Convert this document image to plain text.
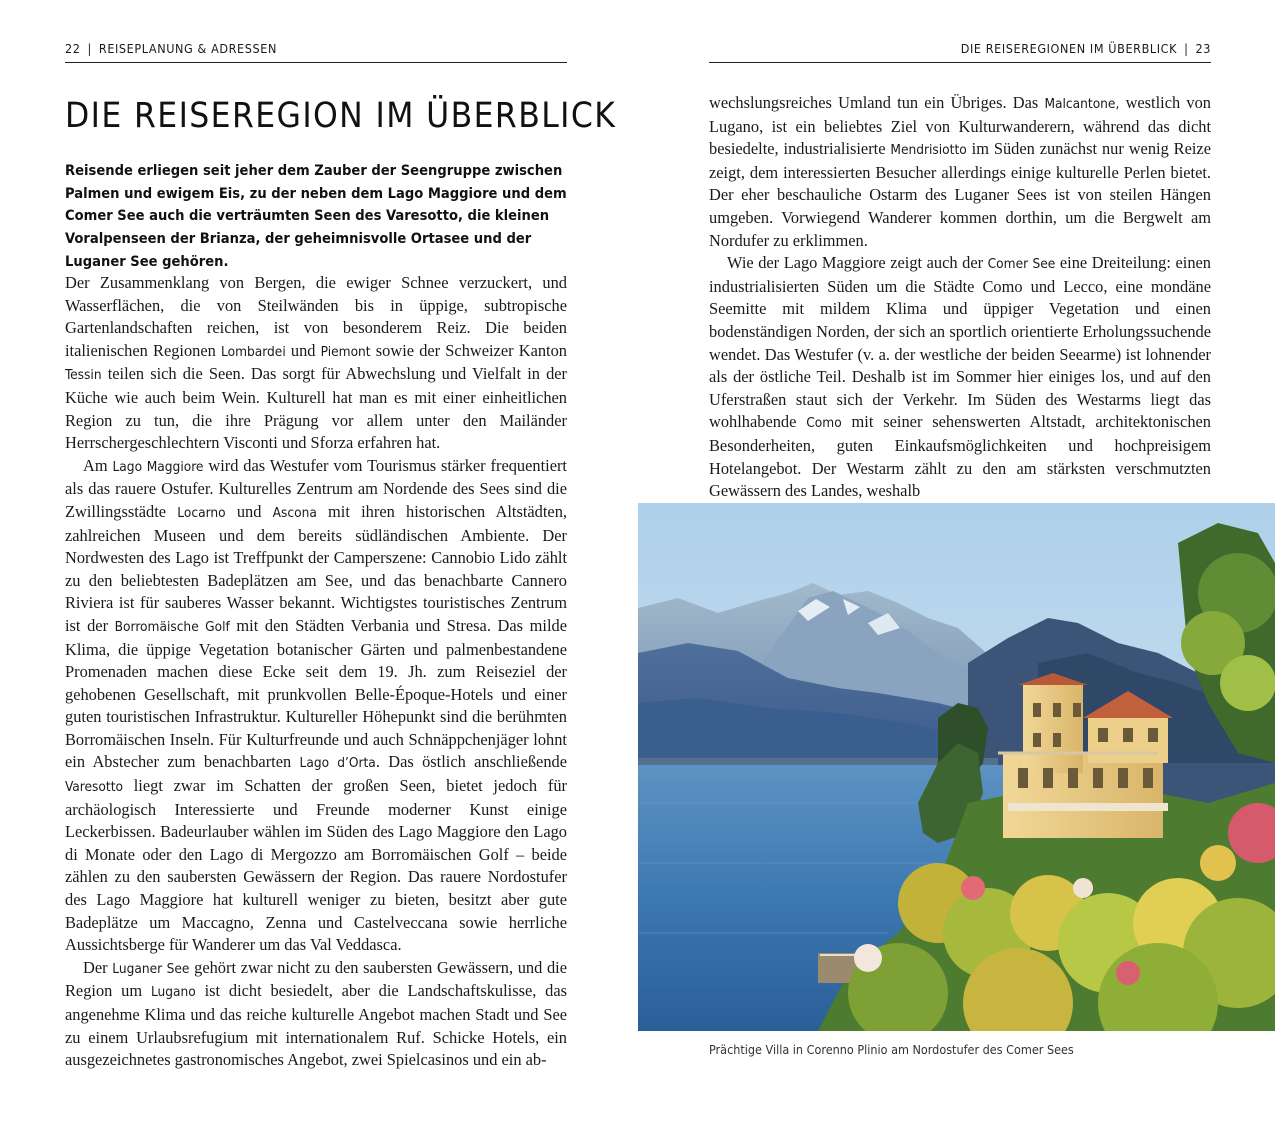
22 | REISEPLANUNG & ADRESSEN
DIE REISEREGION IM ÜBERBLICK

Reisende erliegen seit jeher dem Zauber der Seengruppe zwischen Palmen und ewigem Eis, zu der neben dem Lago Maggiore und dem Comer See auch die verträumten Seen des Varesotto, die kleinen Voralpenseen der Brianza, der geheimnisvolle Ortasee und der Luganer See gehören.

Der Zusammenklang von Bergen, die ewiger Schnee verzuckert, und Wasserflächen, die von Steilwänden bis in üppige, subtropische Gartenlandschaften reichen, ist von besonderem Reiz. Die beiden italienischen Regionen Lombardei und Piemont sowie der Schweizer Kanton Tessin teilen sich die Seen. Das sorgt für Abwechslung und Vielfalt in der Küche wie auch beim Wein. Kulturell hat man es mit einer einheitlichen Region zu tun, die ihre Prägung vor allem unter den Mailänder Herrschergeschlechtern Visconti und Sforza erfahren hat.

Am Lago Maggiore wird das Westufer vom Tourismus stärker frequentiert als das rauere Ostufer. Kulturelles Zentrum am Nordende des Sees sind die Zwillingsstädte Locarno und Ascona mit ihren historischen Altstädten, zahlreichen Museen und dem bereits südländischen Ambiente. Der Nordwesten des Lago ist Treffpunkt der Camperszene: Cannobio Lido zählt zu den beliebtesten Badeplätzen am See, und das benachbarte Cannero Riviera ist für sauberes Wasser bekannt. Wichtigstes touristisches Zentrum ist der Borromäische Golf mit den Städten Verbania und Stresa. Das milde Klima, die üppige Vegetation botanischer Gärten und palmenbestandene Promenaden machen diese Ecke seit dem 19. Jh. zum Reiseziel der gehobenen Gesellschaft, mit prunkvollen Belle-Époque-Hotels und einer guten touristischen Infrastruktur. Kultureller Höhepunkt sind die berühmten Borromäischen Inseln. Für Kulturfreunde und auch Schnäppchenjäger lohnt ein Abstecher zum benachbarten Lago d’Orta. Das östlich anschließende Varesotto liegt zwar im Schatten der großen Seen, bietet jedoch für archäologisch Interessierte und Freunde moderner Kunst einige Leckerbissen. Badeurlauber wählen im Süden des Lago Maggiore den Lago di Monate oder den Lago di Mergozzo am Borromäischen Golf – beide zählen zu den saubersten Gewässern der Region. Das rauere Nordostufer des Lago Maggiore hat kulturell weniger zu bieten, besitzt aber gute Badeplätze um Maccagno, Zenna und Castelveccana sowie herrliche Aussichtsberge für Wanderer um das Val Veddasca.

Der Luganer See gehört zwar nicht zu den saubersten Gewässern, und die Region um Lugano ist dicht besiedelt, aber die Landschaftskulisse, das angenehme Klima und das reiche kulturelle Angebot machen Stadt und See zu einem Urlaubsrefugium mit internationalem Ruf. Schicke Hotels, ein ausgezeichnetes gastronomisches Angebot, zwei Spielcasinos und ein ab-

DIE REISEREGIONEN IM ÜBERBLICK | 23

wechslungsreiches Umland tun ein Übriges. Das Malcantone, westlich von Lugano, ist ein beliebtes Ziel von Kulturwanderern, während das dicht besiedelte, industrialisierte Mendrisiotto im Süden zunächst nur wenig Reize zeigt, dem interessierten Besucher allerdings einige kulturelle Perlen bietet. Der eher beschauliche Ostarm des Luganer Sees ist von steilen Hängen umgeben. Vorwiegend Wanderer kommen dorthin, um die Bergwelt am Nordufer zu erklimmen.

Wie der Lago Maggiore zeigt auch der Comer See eine Dreiteilung: einen industrialisierten Süden um die Städte Como und Lecco, eine mondäne Seemitte mit mildem Klima und üppiger Vegetation und einen bodenständigen Norden, der sich an sportlich orientierte Erholungssuchende wendet. Das Westufer (v. a. der westliche der beiden Seearme) ist lohnender als der östliche Teil. Deshalb ist im Sommer hier einiges los, und auf den Uferstraßen staut sich der Verkehr. Im Süden des Westarms liegt das wohlhabende Como mit seiner sehenswerten Altstadt, architektonischen Besonderheiten, guten Einkaufsmöglichkeiten und hochpreisigem Hotelangebot. Der Westarm zählt zu den am stärksten verschmutzten Gewässern des Landes, weshalb

Prächtige Villa in Corenno Plinio am Nordostufer des Comer Sees
